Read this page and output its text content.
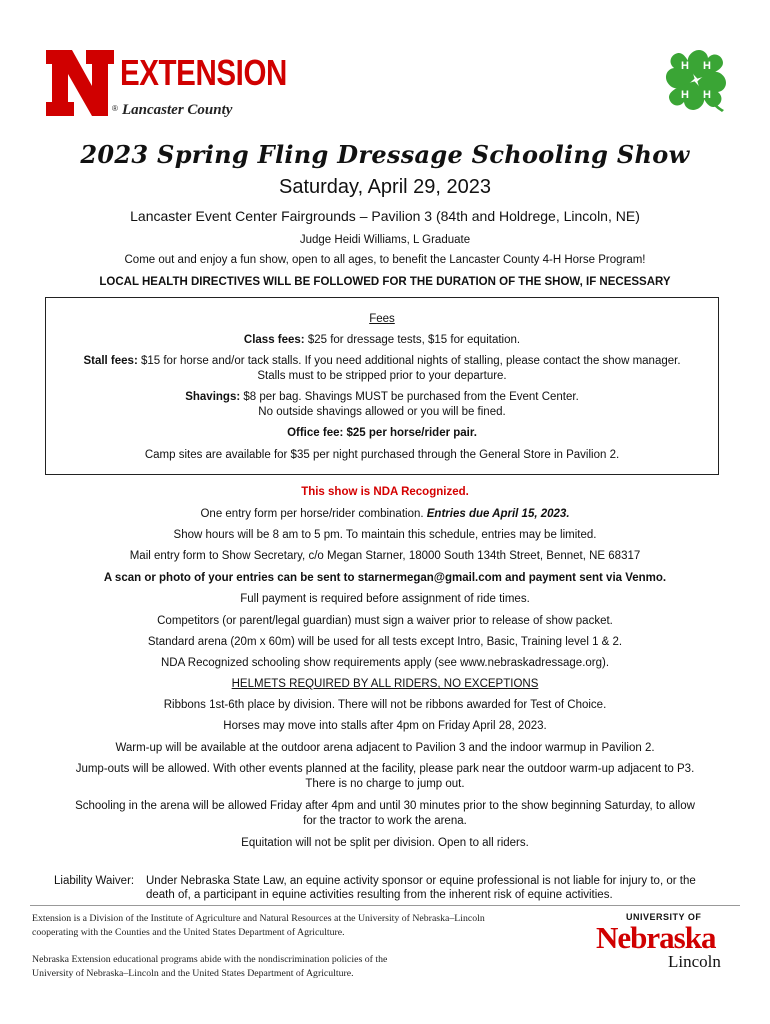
EXTENSION
® Lancaster County
H H
H H
2023 Spring Fling Dressage Schooling Show
Saturday, April 29, 2023
Lancaster Event Center Fairgrounds – Pavilion 3 (84th and Holdrege, Lincoln, NE)
Judge Heidi Williams, L Graduate
Come out and enjoy a fun show, open to all ages, to benefit the Lancaster County 4-H Horse Program!
LOCAL HEALTH DIRECTIVES WILL BE FOLLOWED FOR THE DURATION OF THE SHOW, IF NECESSARY
Fees
Class fees: $25 for dressage tests, $15 for equitation.
Stall fees: $15 for horse and/or tack stalls. If you need additional nights of stalling, please contact the show manager.
Stalls must to be stripped prior to your departure.
Shavings: $8 per bag. Shavings MUST be purchased from the Event Center.
No outside shavings allowed or you will be fined.
Office fee: $25 per horse/rider pair.
Camp sites are available for $35 per night purchased through the General Store in Pavilion 2.
This show is NDA Recognized.
One entry form per horse/rider combination. Entries due April 15, 2023.
Show hours will be 8 am to 5 pm. To maintain this schedule, entries may be limited.
Mail entry form to Show Secretary, c/o Megan Starner, 18000 South 134th Street, Bennet, NE 68317
A scan or photo of your entries can be sent to starnermegan@gmail.com and payment sent via Venmo.
Full payment is required before assignment of ride times.
Competitors (or parent/legal guardian) must sign a waiver prior to release of show packet.
Standard arena (20m x 60m) will be used for all tests except Intro, Basic, Training level 1 & 2.
NDA Recognized schooling show requirements apply (see www.nebraskadressage.org).
HELMETS REQUIRED BY ALL RIDERS, NO EXCEPTIONS
Ribbons 1st-6th place by division. There will not be ribbons awarded for Test of Choice.
Horses may move into stalls after 4pm on Friday April 28, 2023.
Warm-up will be available at the outdoor arena adjacent to Pavilion 3 and the indoor warmup in Pavilion 2.
Jump-outs will be allowed. With other events planned at the facility, please park near the outdoor warm-up adjacent to P3.
There is no charge to jump out.
Schooling in the arena will be allowed Friday after 4pm and until 30 minutes prior to the show beginning Saturday, to allow
for the tractor to work the arena.
Equitation will not be split per division. Open to all riders.
Liability Waiver: Under Nebraska State Law, an equine activity sponsor or equine professional is not liable for injury to, or the death of, a participant in equine activities resulting from the inherent risk of equine activities.
Extension is a Division of the Institute of Agriculture and Natural Resources at the University of Nebraska–Lincoln
cooperating with the Counties and the United States Department of Agriculture.
Nebraska Extension educational programs abide with the nondiscrimination policies of the
University of Nebraska–Lincoln and the United States Department of Agriculture.
UNIVERSITY OF
Nebraska
Lincoln
